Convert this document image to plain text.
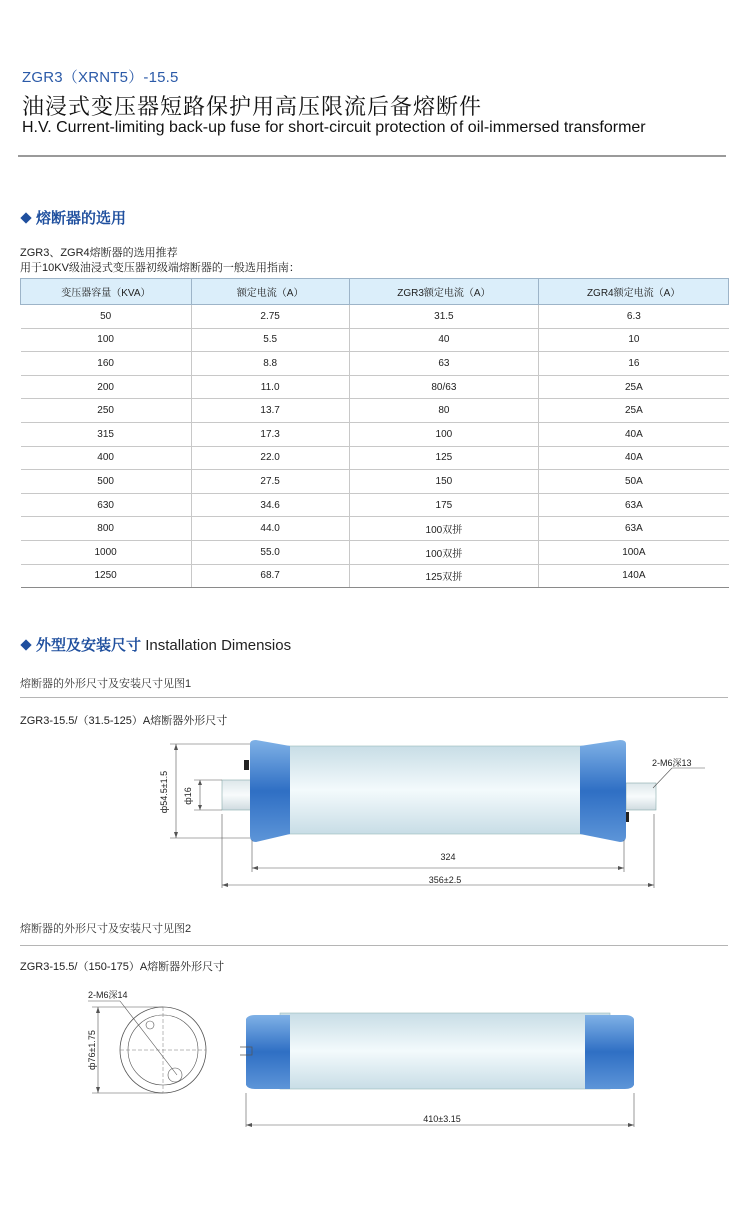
ZGR3（XRNT5）-15.5
油浸式变压器短路保护用高压限流后备熔断件
H.V. Current-limiting back-up fuse for short-circuit protection of oil-immersed transformer
熔断器的选用
ZGR3、ZGR4熔断器的选用推荐
用于10KV级油浸式变压器初级端熔断器的一般选用指南：
变压器容量（KVA）	额定电流（A）	ZGR3额定电流（A）	ZGR4额定电流（A）
50	2.75	31.5	6.3
100	5.5	40	10
160	8.8	63	16
200	11.0	80/63	25A
250	13.7	80	25A
315	17.3	100	40A
400	22.0	125	40A
500	27.5	150	50A
630	34.6	175	63A
800	44.0	100双拼	63A
1000	55.0	100双拼	100A
1250	68.7	125双拼	140A
外型及安装尺寸 Installation Dimensios
熔断器的外形尺寸及安装尺寸见图1
ZGR3-15.5/（31.5-125）A熔断器外形尺寸
ф54.5±1.5 ф16
324
356±2.5
2-M6深13
熔断器的外形尺寸及安装尺寸见图2
ZGR3-15.5/（150-175）A熔断器外形尺寸
2-M6深14
ф76±1.75
410±3.15
